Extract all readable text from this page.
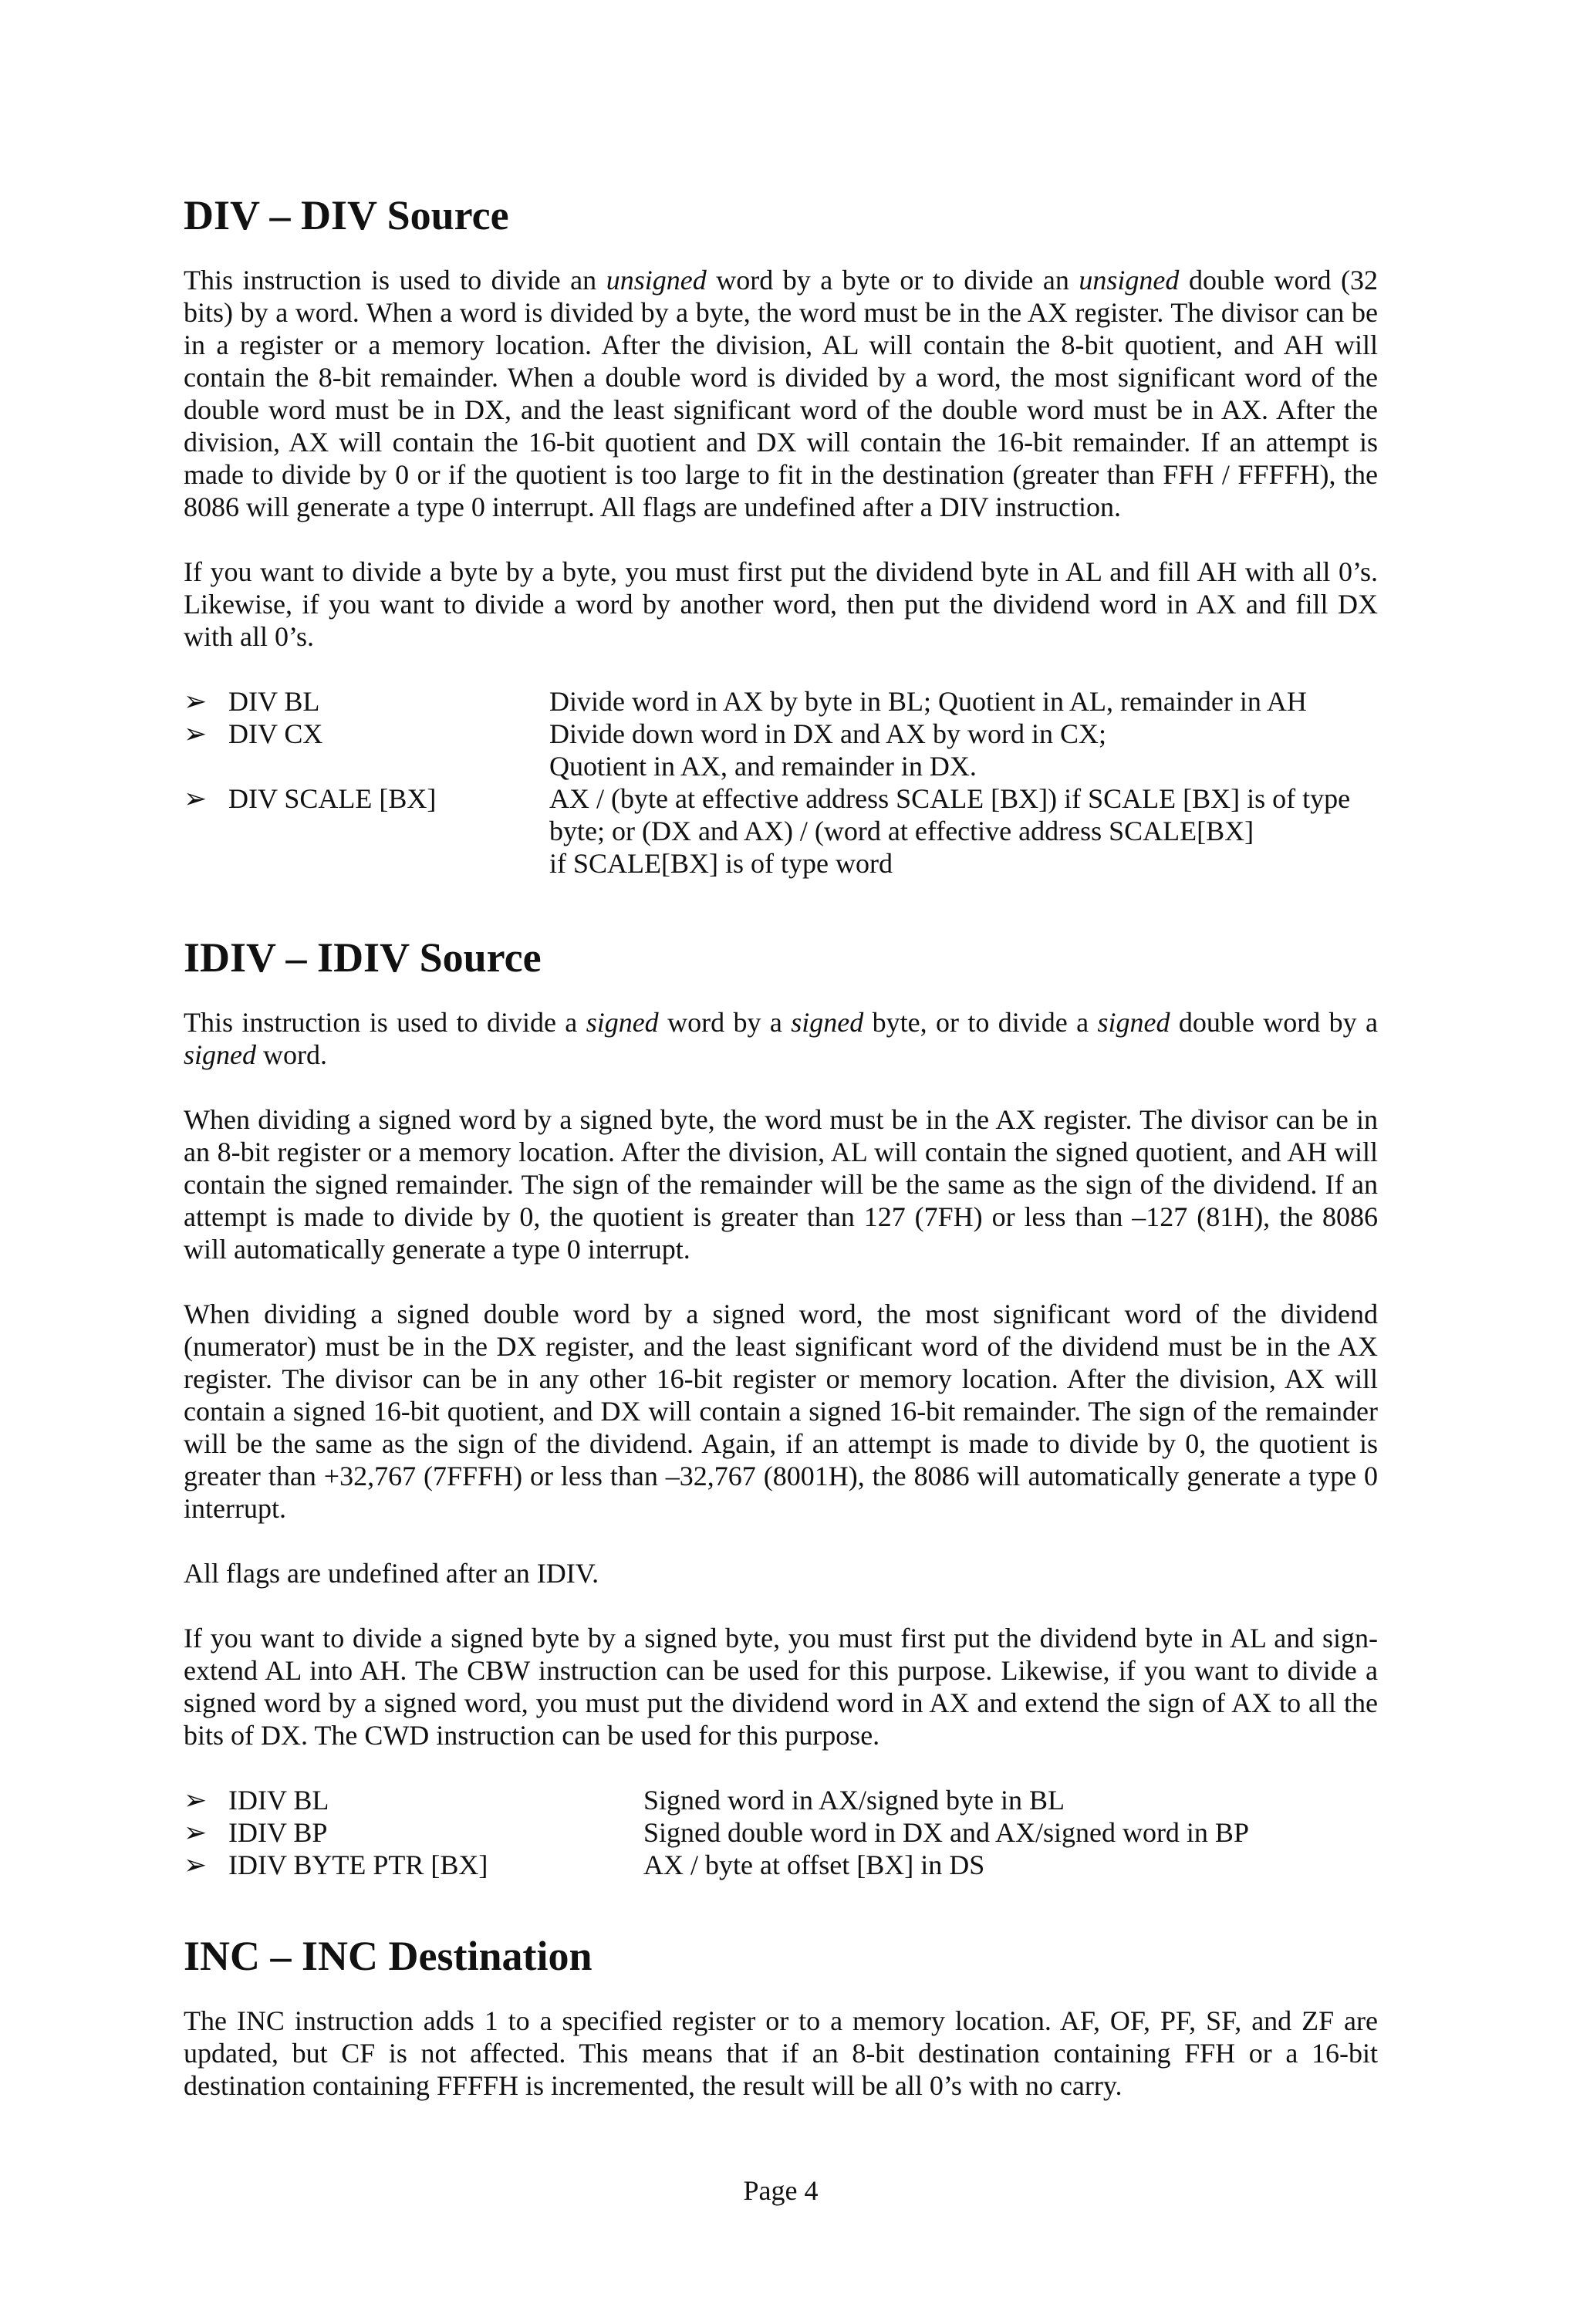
DIV – DIV Source

This instruction is used to divide an unsigned word by a byte or to divide an unsigned double word (32 bits) by a word. When a word is divided by a byte, the word must be in the AX register. The divisor can be in a register or a memory location. After the division, AL will contain the 8-bit quotient, and AH will contain the 8-bit remainder. When a double word is divided by a word, the most significant word of the double word must be in DX, and the least significant word of the double word must be in AX. After the division, AX will contain the 16-bit quotient and DX will contain the 16-bit remainder. If an attempt is made to divide by 0 or if the quotient is too large to fit in the destination (greater than FFH / FFFFH), the 8086 will generate a type 0 interrupt. All flags are undefined after a DIV instruction.

If you want to divide a byte by a byte, you must first put the dividend byte in AL and fill AH with all 0’s. Likewise, if you want to divide a word by another word, then put the dividend word in AX and fill DX with all 0’s.

➢ DIV BL	Divide word in AX by byte in BL; Quotient in AL, remainder in AH
➢ DIV CX	Divide down word in DX and AX by word in CX;
Quotient in AX, and remainder in DX.
➢ DIV SCALE [BX]	AX / (byte at effective address SCALE [BX]) if SCALE [BX] is of type
byte; or (DX and AX) / (word at effective address SCALE[BX]
if SCALE[BX] is of type word
IDIV – IDIV Source

This instruction is used to divide a signed word by a signed byte, or to divide a signed double word by a signed word.

When dividing a signed word by a signed byte, the word must be in the AX register. The divisor can be in an 8-bit register or a memory location. After the division, AL will contain the signed quotient, and AH will contain the signed remainder. The sign of the remainder will be the same as the sign of the dividend. If an attempt is made to divide by 0, the quotient is greater than 127 (7FH) or less than –127 (81H), the 8086 will automatically generate a type 0 interrupt.

When dividing a signed double word by a signed word, the most significant word of the dividend (numerator) must be in the DX register, and the least significant word of the dividend must be in the AX register. The divisor can be in any other 16-bit register or memory location. After the division, AX will contain a signed 16-bit quotient, and DX will contain a signed 16-bit remainder. The sign of the remainder will be the same as the sign of the dividend. Again, if an attempt is made to divide by 0, the quotient is greater than +32,767 (7FFFH) or less than –32,767 (8001H), the 8086 will automatically generate a type 0 interrupt.

All flags are undefined after an IDIV.

If you want to divide a signed byte by a signed byte, you must first put the dividend byte in AL and sign-extend AL into AH. The CBW instruction can be used for this purpose. Likewise, if you want to divide a signed word by a signed word, you must put the dividend word in AX and extend the sign of AX to all the bits of DX. The CWD instruction can be used for this purpose.

➢ IDIV BL	Signed word in AX/signed byte in BL
➢ IDIV BP	Signed double word in DX and AX/signed word in BP
➢ IDIV BYTE PTR [BX]	AX / byte at offset [BX] in DS
INC – INC Destination

The INC instruction adds 1 to a specified register or to a memory location. AF, OF, PF, SF, and ZF are updated, but CF is not affected. This means that if an 8-bit destination containing FFH or a 16-bit destination containing FFFFH is incremented, the result will be all 0’s with no carry.

Page 4
